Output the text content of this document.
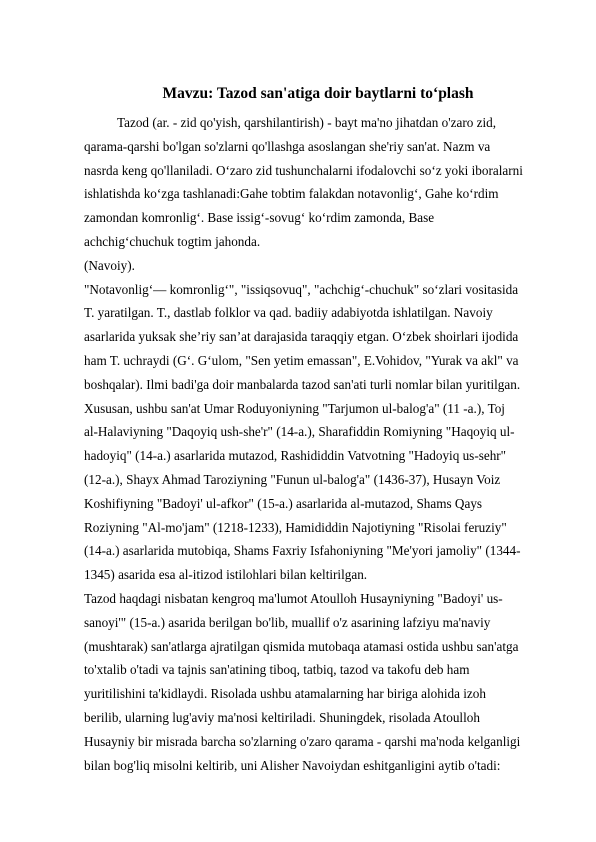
Mavzu: Tazod san'atiga doir baytlarni to‘plash
Tazod (ar. - zid qo'yish, qarshilantirish) - bayt ma'no jihatdan o'zaro zid,
qarama-qarshi bo'lgan so'zlarni qo'llashga asoslangan she'riy san'at. Nazm va
nasrda keng qo'llaniladi. O‘zaro zid tushunchalarni ifodalovchi so‘z yoki iboralarni
ishlatishda ko‘zga tashlanadi:Gahe tobtim falakdan notavonlig‘, Gahe ko‘rdim
zamondan komronlig‘. Base issig‘-sovug‘ ko‘rdim zamonda, Base
achchig‘chuchuk togtim jahonda.
(Navoiy).
"Notavonlig‘— komronlig‘", "issiqsovuq", "achchig‘-chuchuk" so‘zlari vositasida
T. yaratilgan. T., dastlab folklor va qad. badiiy adabiyotda ishlatilgan. Navoiy
asarlarida yuksak she’riy san’at darajasida taraqqiy etgan. O‘zbek shoirlari ijodida
ham T. uchraydi (G‘. G‘ulom, "Sen yetim emassan", E.Vohidov, "Yurak va akl" va
boshqalar). Ilmi badi'ga doir manbalarda tazod san'ati turli nomlar bilan yuritilgan.
Xususan, ushbu san'at Umar Roduyoniyning "Tarjumon ul-balog'a" (11 -a.), Toj
al-Halaviyning "Daqoyiq ush-she'r" (14-a.), Sharafiddin Romiyning "Haqoyiq ul-
hadoyiq" (14-a.) asarlarida mutazod, Rashididdin Vatvotning "Hadoyiq us-sehr"
(12-a.), Shayx Ahmad Taroziyning "Funun ul-balog'a" (1436-37), Husayn Voiz
Koshifiyning "Badoyi' ul-afkor" (15-a.) asarlarida al-mutazod, Shams Qays
Roziyning "Al-mo'jam" (1218-1233), Hamididdin Najotiyning "Risolai feruziy"
(14-a.) asarlarida mutobiqa, Shams Faxriy Isfahoniyning "Me'yori jamoliy" (1344-
1345) asarida esa al-itizod istilohlari bilan keltirilgan.
Tazod haqdagi nisbatan kengroq ma'lumot Atoulloh Husayniyning "Badoyi' us-
sanoyi'" (15-a.) asarida berilgan bo'lib, muallif o'z asarining lafziyu ma'naviy
(mushtarak) san'atlarga ajratilgan qismida mutobaqa atamasi ostida ushbu san'atga
to'xtalib o'tadi va tajnis san'atining tiboq, tatbiq, tazod va takofu deb ham
yuritilishini ta'kidlaydi. Risolada ushbu atamalarning har biriga alohida izoh
berilib, ularning lug'aviy ma'nosi keltiriladi. Shuningdek, risolada Atoulloh
Husayniy bir misrada barcha so'zlarning o'zaro qarama - qarshi ma'noda kelganligi
bilan bog'liq misolni keltirib, uni Alisher Navoiydan eshitganligini aytib o'tadi:
